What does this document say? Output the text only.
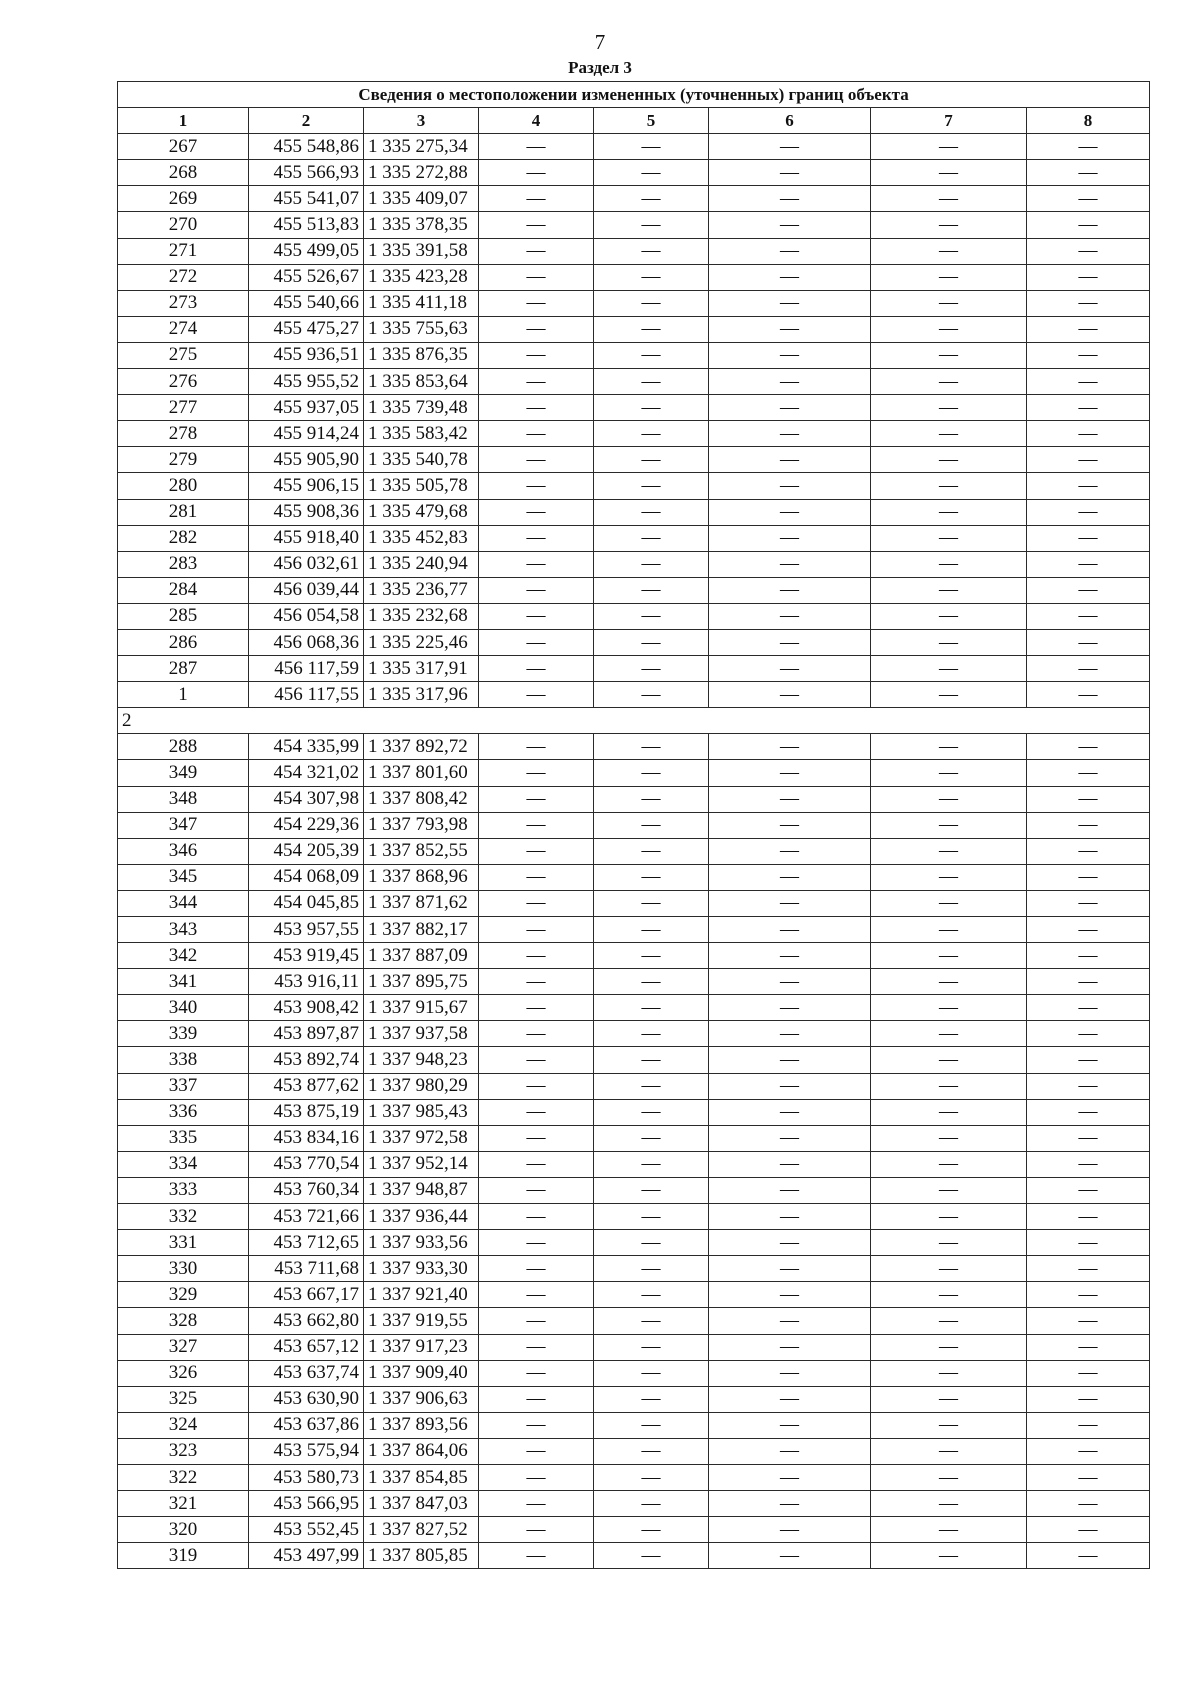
7
Раздел 3
Сведения о местоположении измененных (уточненных) границ объекта							
1	2	3	4	5	6	7	8
267	455 548,86	1 335 275,34	—	—	—	—	—
268	455 566,93	1 335 272,88	—	—	—	—	—
269	455 541,07	1 335 409,07	—	—	—	—	—
270	455 513,83	1 335 378,35	—	—	—	—	—
271	455 499,05	1 335 391,58	—	—	—	—	—
272	455 526,67	1 335 423,28	—	—	—	—	—
273	455 540,66	1 335 411,18	—	—	—	—	—
274	455 475,27	1 335 755,63	—	—	—	—	—
275	455 936,51	1 335 876,35	—	—	—	—	—
276	455 955,52	1 335 853,64	—	—	—	—	—
277	455 937,05	1 335 739,48	—	—	—	—	—
278	455 914,24	1 335 583,42	—	—	—	—	—
279	455 905,90	1 335 540,78	—	—	—	—	—
280	455 906,15	1 335 505,78	—	—	—	—	—
281	455 908,36	1 335 479,68	—	—	—	—	—
282	455 918,40	1 335 452,83	—	—	—	—	—
283	456 032,61	1 335 240,94	—	—	—	—	—
284	456 039,44	1 335 236,77	—	—	—	—	—
285	456 054,58	1 335 232,68	—	—	—	—	—
286	456 068,36	1 335 225,46	—	—	—	—	—
287	456 117,59	1 335 317,91	—	—	—	—	—
1	456 117,55	1 335 317,96	—	—	—	—	—
2							
288	454 335,99	1 337 892,72	—	—	—	—	—
349	454 321,02	1 337 801,60	—	—	—	—	—
348	454 307,98	1 337 808,42	—	—	—	—	—
347	454 229,36	1 337 793,98	—	—	—	—	—
346	454 205,39	1 337 852,55	—	—	—	—	—
345	454 068,09	1 337 868,96	—	—	—	—	—
344	454 045,85	1 337 871,62	—	—	—	—	—
343	453 957,55	1 337 882,17	—	—	—	—	—
342	453 919,45	1 337 887,09	—	—	—	—	—
341	453 916,11	1 337 895,75	—	—	—	—	—
340	453 908,42	1 337 915,67	—	—	—	—	—
339	453 897,87	1 337 937,58	—	—	—	—	—
338	453 892,74	1 337 948,23	—	—	—	—	—
337	453 877,62	1 337 980,29	—	—	—	—	—
336	453 875,19	1 337 985,43	—	—	—	—	—
335	453 834,16	1 337 972,58	—	—	—	—	—
334	453 770,54	1 337 952,14	—	—	—	—	—
333	453 760,34	1 337 948,87	—	—	—	—	—
332	453 721,66	1 337 936,44	—	—	—	—	—
331	453 712,65	1 337 933,56	—	—	—	—	—
330	453 711,68	1 337 933,30	—	—	—	—	—
329	453 667,17	1 337 921,40	—	—	—	—	—
328	453 662,80	1 337 919,55	—	—	—	—	—
327	453 657,12	1 337 917,23	—	—	—	—	—
326	453 637,74	1 337 909,40	—	—	—	—	—
325	453 630,90	1 337 906,63	—	—	—	—	—
324	453 637,86	1 337 893,56	—	—	—	—	—
323	453 575,94	1 337 864,06	—	—	—	—	—
322	453 580,73	1 337 854,85	—	—	—	—	—
321	453 566,95	1 337 847,03	—	—	—	—	—
320	453 552,45	1 337 827,52	—	—	—	—	—
319	453 497,99	1 337 805,85	—	—	—	—	—
